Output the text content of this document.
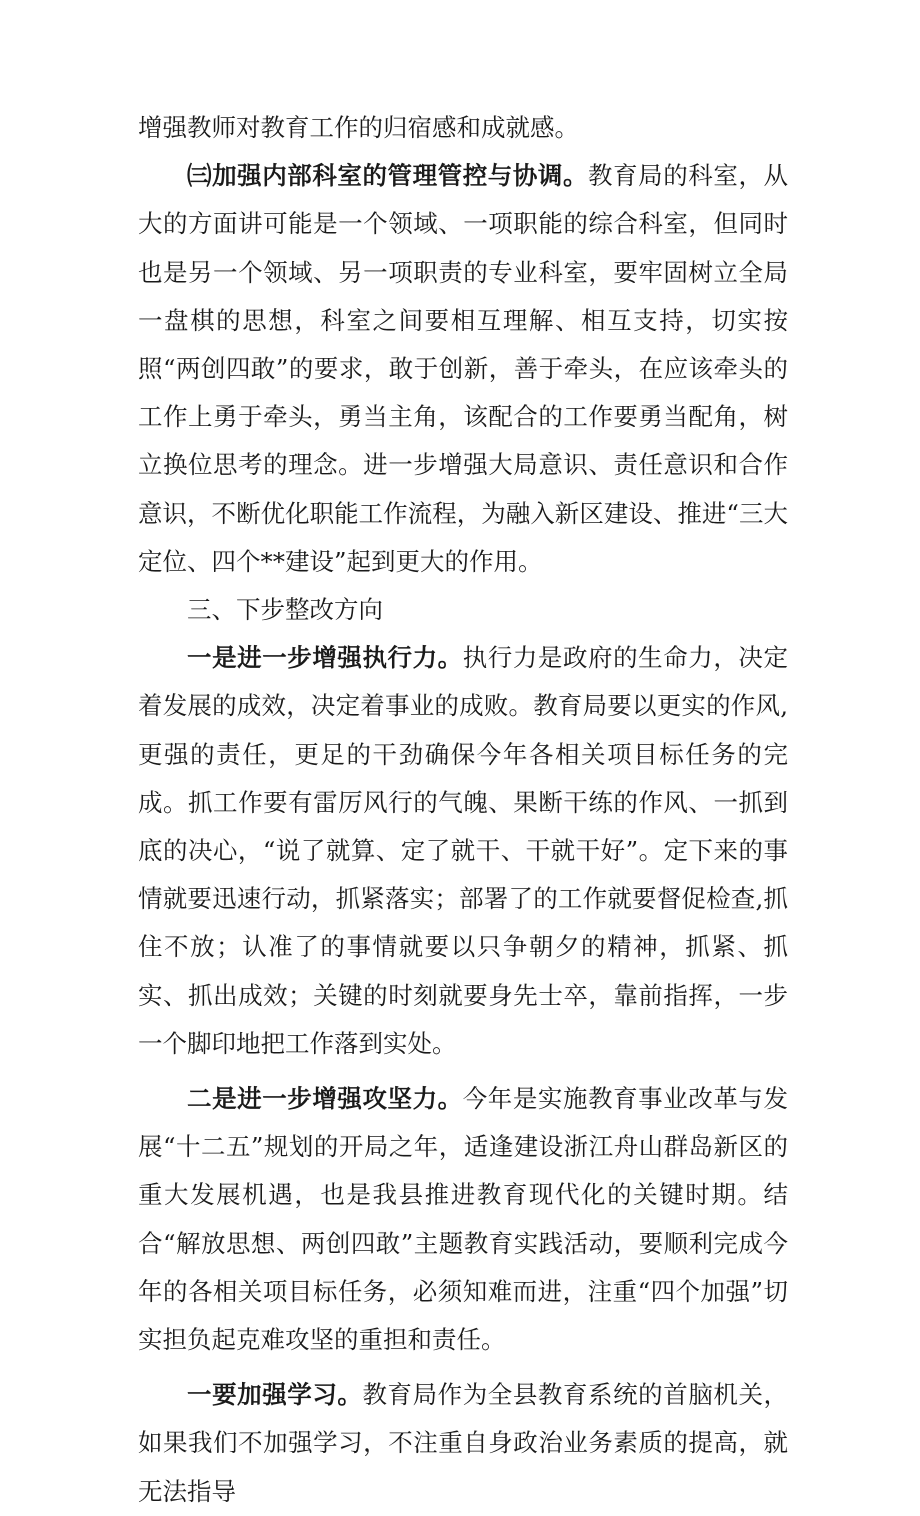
增强教师对教育工作的归宿感和成就感。

㈢加强内部科室的管理管控与协调。教育局的科室，从大的方面讲可能是一个领域、一项职能的综合科室，但同时也是另一个领域、另一项职责的专业科室，要牢固树立全局一盘棋的思想，科室之间要相互理解、相互支持，切实按照“两创四敢”的要求，敢于创新，善于牵头，在应该牵头的工作上勇于牵头，勇当主角，该配合的工作要勇当配角，树立换位思考的理念。进一步增强大局意识、责任意识和合作意识，不断优化职能工作流程，为融入新区建设、推进“三大定位、四个**建设”起到更大的作用。

三、下步整改方向

一是进一步增强执行力。执行力是政府的生命力，决定着发展的成效，决定着事业的成败。教育局要以更实的作风,更强的责任，更足的干劲确保今年各相关项目标任务的完成。抓工作要有雷厉风行的气魄、果断干练的作风、一抓到底的决心，“说了就算、定了就干、干就干好”。定下来的事情就要迅速行动，抓紧落实；部署了的工作就要督促检查,抓住不放；认准了的事情就要以只争朝夕的精神，抓紧、抓实、抓出成效；关键的时刻就要身先士卒，靠前指挥，一步一个脚印地把工作落到实处。

二是进一步增强攻坚力。今年是实施教育事业改革与发展“十二五”规划的开局之年，适逢建设浙江舟山群岛新区的重大发展机遇，也是我县推进教育现代化的关键时期。结合“解放思想、两创四敢”主题教育实践活动，要顺利完成今年的各相关项目标任务，必须知难而进，注重“四个加强”切实担负起克难攻坚的重担和责任。

一要加强学习。教育局作为全县教育系统的首脑机关，如果我们不加强学习，不注重自身政治业务素质的提高，就无法指导
